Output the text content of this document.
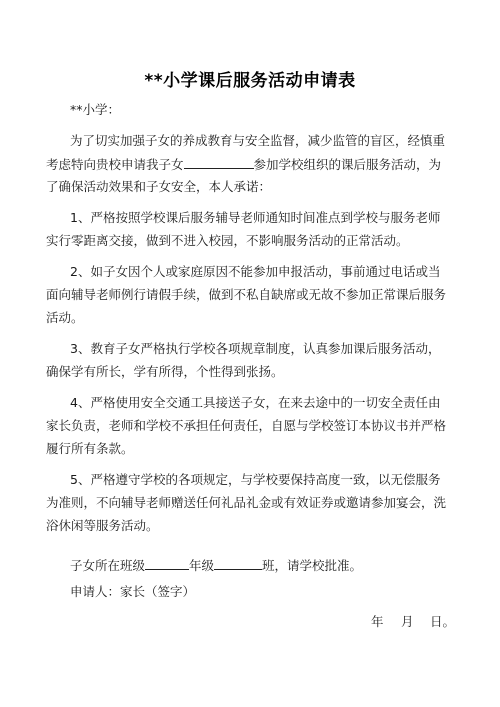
**小学课后服务活动申请表
**小学：
为了切实加强子女的养成教育与安全监督，减少监管的盲区，经慎重
考虑特向贵校申请我子女	参加学校组织的课后服务活动，为
了确保活动效果和子女安全，本人承诺：
1、严格按照学校课后服务辅导老师通知时间准点到学校与服务老师
实行零距离交接，做到不进入校园，不影响服务活动的正常活动。
2、如子女因个人或家庭原因不能参加申报活动，事前通过电话或当
面向辅导老师例行请假手续，做到不私自缺席或无故不参加正常课后服务
活动。
3、教育子女严格执行学校各项规章制度，认真参加课后服务活动，
确保学有所长，学有所得，个性得到张扬。
4、严格使用安全交通工具接送子女，在来去途中的一切安全责任由
家长负责，老师和学校不承担任何责任，自愿与学校签订本协议书并严格
履行所有条款。
5、严格遵守学校的各项规定，与学校要保持高度一致，以无偿服务
为准则，不向辅导老师赠送任何礼品礼金或有效证券或邀请参加宴会，洗
浴休闲等服务活动。
子女所在班级	年级	班，请学校批准。
申请人：家长（签字）
年 月 日。
